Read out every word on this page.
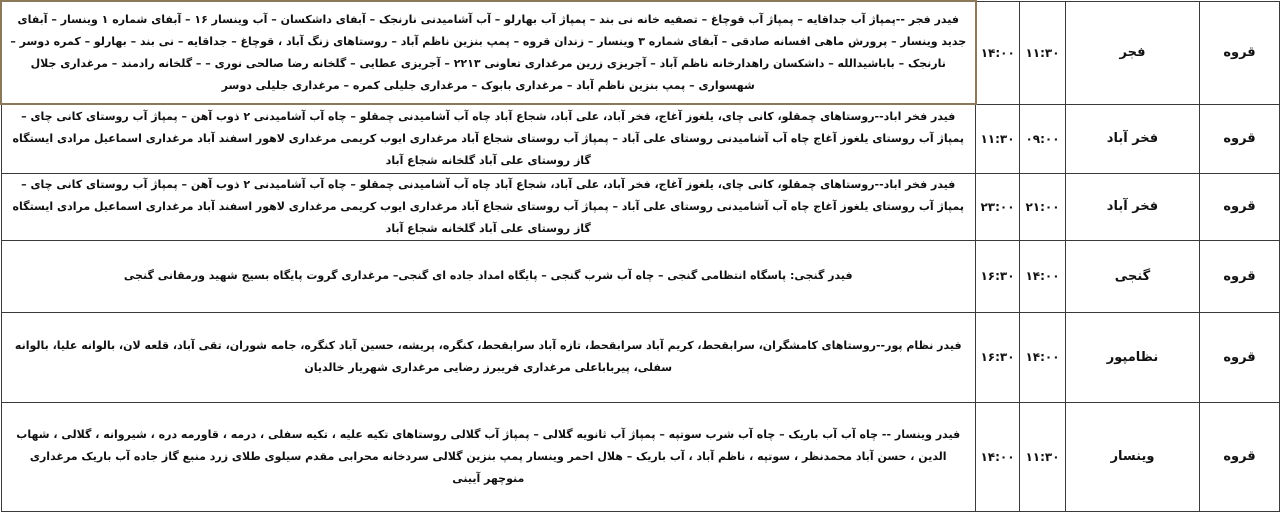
قروه	فجر	۱۱:۳۰	۱۴:۰۰	فیدر فجر --پمپاژ آب جداقایه – پمپاژ آب قوچاغ – تصفیه خانه نی بند – پمپاژ آب بهارلو – آب آشامیدنی نارنجک – آبفای داشکسان – آب وینسار ۱۶ – آبفای شماره ۱ وینسار – آبفای جدید وینسار – پرورش ماهی افسانه صادقی – آبفای شماره ۳ وینسار – زندان قروه – پمپ بنزین ناظم آباد – روستاهای زنگ آباد ، قوچاغ – جداقایه – نی بند – بهارلو – کمره دوسر – نارنجک – باباشیدالله – داشکسان راهدارخانه ناظم آباد – آجریزی زرین مرغداری تعاونی ۲۲۱۳ – آجریزی عطایی – گلخانه رضا صالحی نوری – – گلخانه رادمند – مرغداری جلال شهسواری – پمپ بنزین ناظم آباد – مرغداری بابوک – مرغداری جلیلی کمره – مرغداری جلیلی دوسر

قروه	فخر آباد	۰۹:۰۰	۱۱:۳۰	فیدر فخر اباد--روستاهای چمقلو، کانی چای، یلغوز آغاج، فخر آباد، علی آباد، شجاع آباد چاه آب آشامیدنی چمقلو – چاه آب آشامیدنی ۲ ذوب آهن – پمپاژ آب روستای کانی چای – پمپاژ آب روستای یلغوز آغاج چاه آب آشامیدنی روستای علی آباد – پمپاژ آب روستای شجاع آباد مرغداری ایوب کریمی مرغداری لاهور اسفند آباد مرغداری اسماعیل مرادی ایستگاه گاز روستای علی آباد گلخانه شجاع آباد

قروه	فخر آباد	۲۱:۰۰	۲۳:۰۰	فیدر فخر اباد--روستاهای چمقلو، کانی چای، یلغوز آغاج، فخر آباد، علی آباد، شجاع آباد چاه آب آشامیدنی چمقلو – چاه آب آشامیدنی ۲ ذوب آهن – پمپاژ آب روستای کانی چای – پمپاژ آب روستای یلغوز آغاج چاه آب آشامیدنی روستای علی آباد – پمپاژ آب روستای شجاع آباد مرغداری ایوب کریمی مرغداری لاهور اسفند آباد مرغداری اسماعیل مرادی ایستگاه گاز روستای علی آباد گلخانه شجاع آباد

قروه	گنجی	۱۴:۰۰	۱۶:۳۰	فیدر گنجی: پاسگاه انتظامی گنجی – چاه آب شرب گنجی – پایگاه امداد جاده ای گنجی– مرغداری گروت پایگاه بسیج شهید ورمقانی گنجی

قروه	نظامپور	۱۴:۰۰	۱۶:۳۰	فیدر نظام پور--روستاهای کامشگران، سرابقحط، کریم آباد سرابقحط، تازه آباد سرابقحط، کنگره، پریشه، حسین آباد کنگره، جامه شوران، تقی آباد، قلعه لان، بالوانه علیا، بالوانه سفلی، پیرباباعلی مرغداری فریبرز رضایی مرغداری شهریار خالدیان

قروه	وینسار	۱۱:۳۰	۱۴:۰۰	فیدر وینسار -- چاه آب آب باریک – چاه آب شرب سوتپه – پمپاژ آب ثانویه گلالی – پمپاژ آب گلالی روستاهای تکیه علیه ، تکیه سفلی ، درمه ، قاورمه دره ، شیروانه ، گلالی ، شهاب الدین ، حسن آباد محمدنظر ، سوتپه ، ناظم آباد ، آب باریک – هلال احمر وینسار پمپ بنزین گلالی سردخانه محرابی مقدم سیلوی طلای زرد منبع گاز جاده آب باریک مرغداری منوچهر آیینی
